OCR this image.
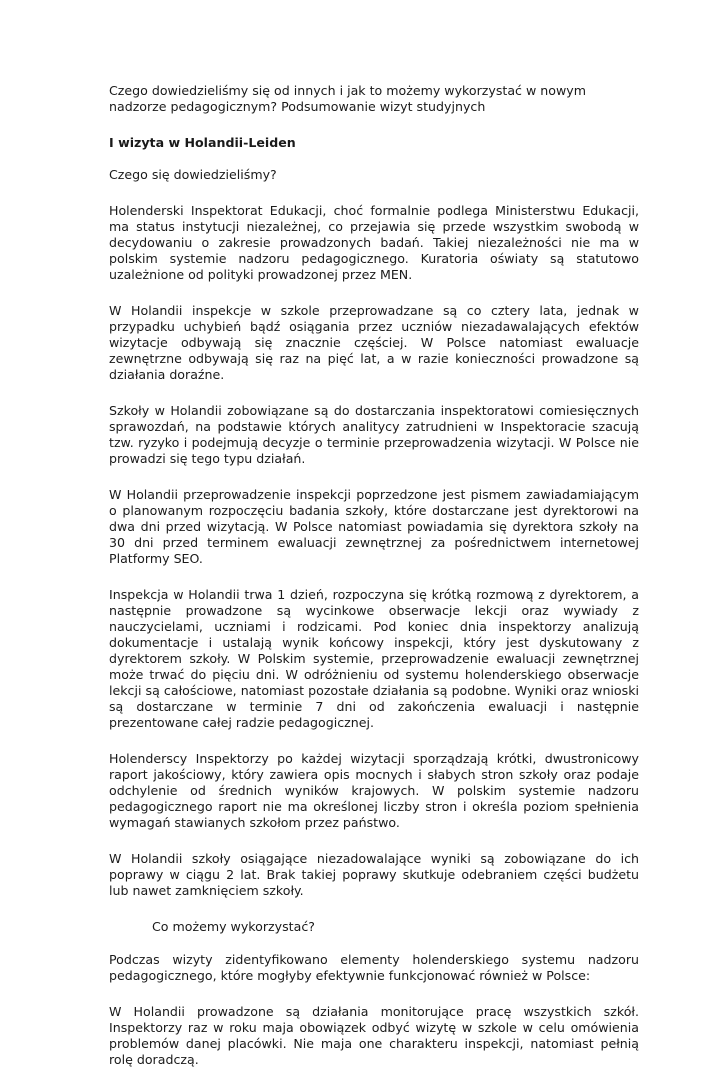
Czego dowiedzieliśmy się od innych i jak to możemy wykorzystać w nowym nadzorze pedagogicznym? Podsumowanie wizyt studyjnych

I wizyta w Holandii-Leiden

Czego się dowiedzieliśmy?

Holenderski Inspektorat Edukacji, choć formalnie podlega Ministerstwu Edukacji, ma status instytucji niezależnej, co przejawia się przede wszystkim swobodą w decydowaniu o zakresie prowadzonych badań. Takiej niezależności nie ma w polskim systemie nadzoru pedagogicznego. Kuratoria oświaty są statutowo uzależnione od polityki prowadzonej przez MEN.

W Holandii inspekcje w szkole przeprowadzane są co cztery lata, jednak w przypadku uchybień bądź osiągania przez uczniów niezadawalających efektów wizytacje odbywają się znacznie częściej. W Polsce natomiast ewaluacje zewnętrzne odbywają się raz na pięć lat, a w razie konieczności prowadzone są działania doraźne.

Szkoły w Holandii zobowiązane są do dostarczania inspektoratowi comiesięcznych sprawozdań, na podstawie których analitycy zatrudnieni w Inspektoracie szacują tzw. ryzyko i podejmują decyzje o terminie przeprowadzenia wizytacji. W Polsce nie prowadzi się tego typu działań.

W Holandii przeprowadzenie inspekcji poprzedzone jest pismem zawiadamiającym o planowanym rozpoczęciu badania szkoły, które dostarczane jest dyrektorowi na dwa dni przed wizytacją. W Polsce natomiast powiadamia się dyrektora szkoły na 30 dni przed terminem ewaluacji zewnętrznej za pośrednictwem internetowej Platformy SEO.

Inspekcja w Holandii trwa 1 dzień, rozpoczyna się krótką rozmową z dyrektorem, a następnie prowadzone są wycinkowe obserwacje lekcji oraz wywiady z nauczycielami, uczniami i rodzicami. Pod koniec dnia inspektorzy analizują dokumentacje i ustalają wynik końcowy inspekcji, który jest dyskutowany z dyrektorem szkoły. W Polskim systemie, przeprowadzenie ewaluacji zewnętrznej może trwać do pięciu dni. W odróżnieniu od systemu holenderskiego obserwacje lekcji są całościowe, natomiast pozostałe działania są podobne. Wyniki oraz wnioski są dostarczane w terminie 7 dni od zakończenia ewaluacji i następnie prezentowane całej radzie pedagogicznej.

Holenderscy Inspektorzy po każdej wizytacji sporządzają krótki, dwustronicowy raport jakościowy, który zawiera opis mocnych i słabych stron szkoły oraz podaje odchylenie od średnich wyników krajowych. W polskim systemie nadzoru pedagogicznego raport nie ma określonej liczby stron i określa poziom spełnienia wymagań stawianych szkołom przez państwo.

W Holandii szkoły osiągające niezadowalające wyniki są zobowiązane do ich poprawy w ciągu 2 lat. Brak takiej poprawy skutkuje odebraniem części budżetu lub nawet zamknięciem szkoły.

Co możemy wykorzystać?

Podczas wizyty zidentyfikowano elementy holenderskiego systemu nadzoru pedagogicznego, które mogłyby efektywnie funkcjonować również w Polsce:

W Holandii prowadzone są działania monitorujące pracę wszystkich szkół. Inspektorzy raz w roku maja obowiązek odbyć wizytę w szkole w celu omówienia problemów danej placówki. Nie maja one charakteru inspekcji, natomiast pełnią rolę doradczą.
